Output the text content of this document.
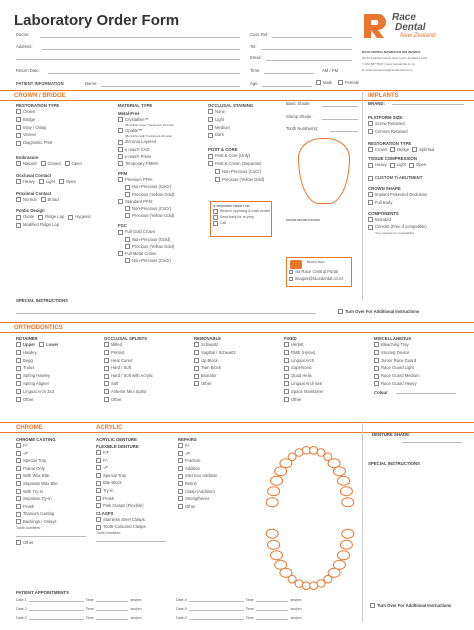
Laboratory Order Form	Race
Dental
New Zealand
RACE DENTAL NZ|0800 942 854 |NZ|2015
20-24 Grantlow Road, Grey Lynn, Auckland 1021
T (09) 887 5537 | www.racedental.co.nz
E: customerservice@racedental.co.nz
Doctor:	Cust. Ref:
Address:	Tel:
Email:
Return Date:	Time:	AM / PM
PATIENT INFORMATION	Name:	Age:	Male	Female
CROWN / BRIDGE	IMPLANTS
RESTORATION TYPE
Crown
Bridge
Inlay / Onlay
Veneer
Diagnostic Print
Embrasure
Natural	Closed	Open
Occlusal Contact
Heavy	Light	Open
Proximal Contact
Normal	Broad
Pontic Design
Ovate	Ridge Lap	Hygienic
Modified Ridge Lap
MATERIAL TYPE
Metal-Free
Crystalline™
(Monolithic Super Translucent Zirconia)
Opalite™
(Monolithic High Translucent Zirconia)
Zirconia Layered
e.max® CAD
e.max® Press
Temporary PMMA
PFM
Premium PFM:
Non-Precious (CoCr)
Precious (Yellow Gold)
Standard PFM:
Non-Precious (CoCr)
Precious (Yellow Gold)
FGC
Full Gold Crown
Non-Precious (Gold)
Precious (Yellow Gold)
Full Metal Crown
Non-Precious (CoCr)
OCCLUSAL STAINING
None
Light
Medium
Dark
POST & CORE
Post & Core (Only)
Post & Crown (Separate)
Non-Precious (CoCr)
Precious (Yellow Gold)
IF REQUIRED FROM LAB:
Reduce opposing & mark model
Send back for re-prep
Call
Basic Shade:
Stump Shade:
Tooth Number(s):
SHADE INSTRUCTIONS
Photos Sent
via Race Central Portal
images@racedental.co.nz
BRAND:
PLATFORM SIZE:
Screw Retained
Cement Retained
RESTORATION TYPE
Crown Bridge Splinted
TISSUE COMPRESSION
Heavy Light Open
CUSTOM Ti ABUTMENT
CROWN SHAPE
Implant Protected Occlusion
Full Body
COMPONENTS
Branded
Core3D (Free if compatible)
*See website for compatibility
SPECIAL INSTRUCTIONS
Turn Over For Additional Instructions
ORTHODONTICS
RETAINER
Upper	Lower
Hawley
Begg
Trulux
Spring Hawley
Spring Aligner
Lingual Arch 3x3
Other
OCCLUSAL SPLINTS
Milled
Printed
Heat Cured
Hard / Soft
Hard / Soft with Acrylic
Soft
Anterior Mini Splint
Other
REMOVABLE
Schwartz
Sagittal / Schwartz
Up Block
Twin Block
Bionator
Other
FIXED
Herbst
RME (Hyrax)
Lingual Arch
Supersonic
Quad Helix
Lingual Arch 6x6
Space Maintainer
Other
MISCELLANEOUS
Bleaching Tray
Snoring Device
Junior Race Guard
Race Guard Light
Race Guard Medium
Race Guard Heavy
Colour
CHROME	ACRYLIC
CHROME CASTING
F/-
-/F
Special Tray
Frame Only
With Wax Bite
Separate Wax Bite
With Try-in
Separate Try-in
Finish
Titanium Casting
Backings / Onlays
Tooth numbers:
Other
ACRYLIC DENTURE
FLEXIBLE DENTURE
F/F
F/-
-/F
Special Tray
Bite Block
Try-in
Finish
Pink Clasps (Flexible)
CLASPS
Stainless Steel Clasps
Tooth-Coloured Clasps
Tooth numbers:
REPAIRS
F/-
-/F
Fracture
Addition
Inlet Exo Addition
Reline
Clasp (Addition)
Strengthener
Other
DENTURE SHADE:
SPECIAL INSTRUCTIONS
Turn Over For Additional Instructions
PATIENT APPOINTMENTS
Date 1	Time:	am/pm
Date 2	Time:	am/pm
Date 3	Time:	am/pm
Date 4	Time:	am/pm
Date 5	Time:	am/pm
Date 6	Time:	am/pm
